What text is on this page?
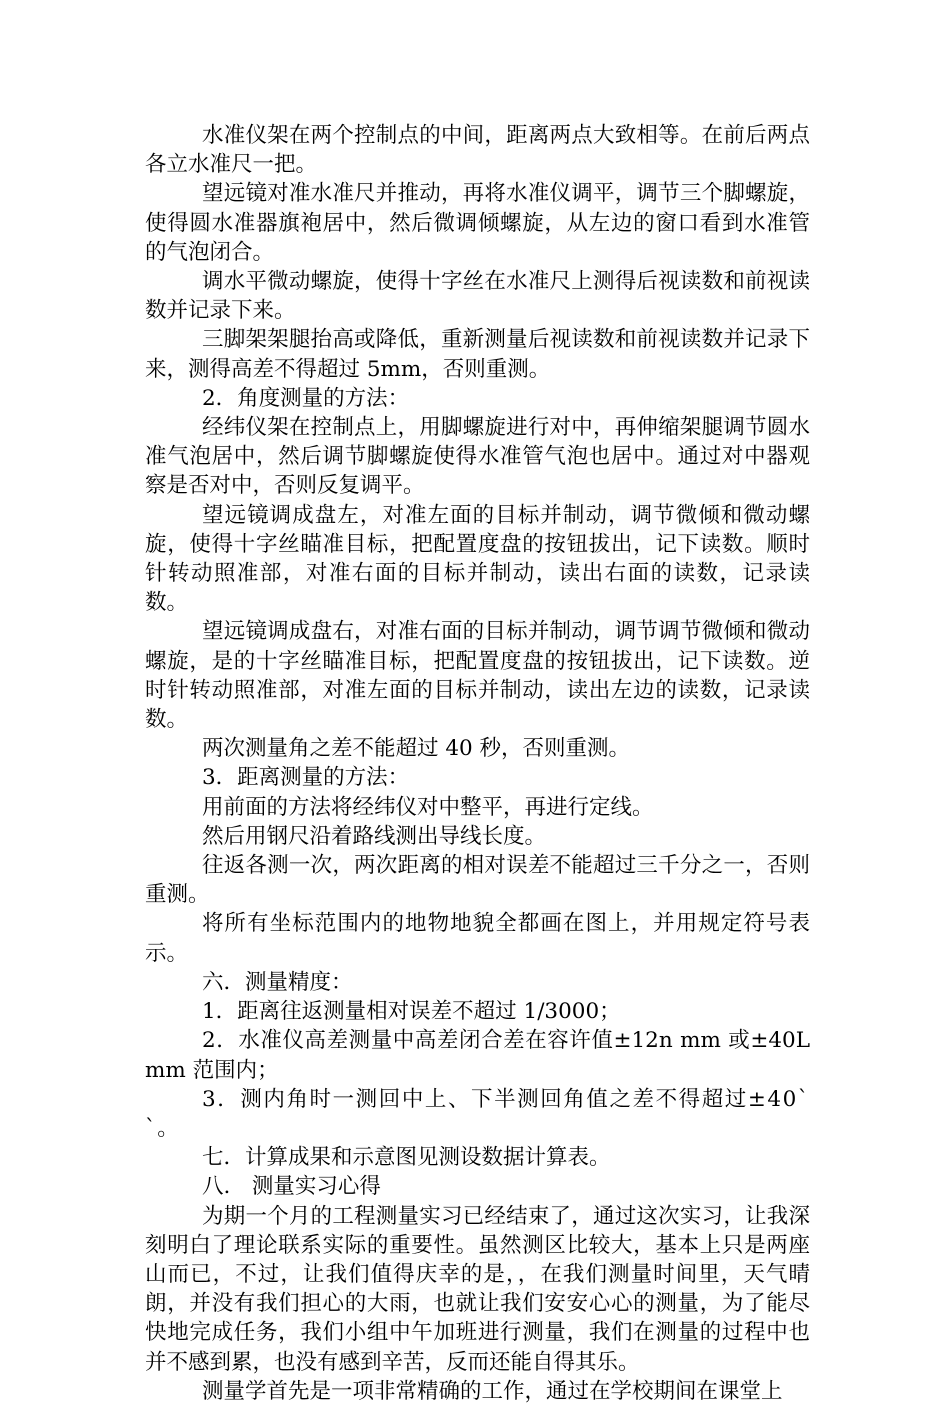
水准仪架在两个控制点的中间，距离两点大致相等。在前后两点各立水准尺一把。

望远镜对准水准尺并推动，再将水准仪调平，调节三个脚螺旋，使得圆水准器旗袍居中，然后微调倾螺旋，从左边的窗口看到水准管的气泡闭合。

调水平微动螺旋，使得十字丝在水准尺上测得后视读数和前视读数并记录下来。

三脚架架腿抬高或降低，重新测量后视读数和前视读数并记录下来，测得高差不得超过 5mm，否则重测。

2．角度测量的方法：

经纬仪架在控制点上，用脚螺旋进行对中，再伸缩架腿调节圆水准气泡居中，然后调节脚螺旋使得水准管气泡也居中。通过对中器观察是否对中，否则反复调平。

望远镜调成盘左，对准左面的目标并制动，调节微倾和微动螺旋，使得十字丝瞄准目标，把配置度盘的按钮拔出，记下读数。顺时针转动照准部，对准右面的目标并制动，读出右面的读数，记录读数。

望远镜调成盘右，对准右面的目标并制动，调节调节微倾和微动螺旋，是的十字丝瞄准目标，把配置度盘的按钮拔出，记下读数。逆时针转动照准部，对准左面的目标并制动，读出左边的读数，记录读数。

两次测量角之差不能超过 40 秒，否则重测。

3．距离测量的方法：

用前面的方法将经纬仪对中整平，再进行定线。

然后用钢尺沿着路线测出导线长度。

往返各测一次，两次距离的相对误差不能超过三千分之一，否则重测。

将所有坐标范围内的地物地貌全都画在图上，并用规定符号表示。

六．测量精度：

1．距离往返测量相对误差不超过 1/3000；

2．水准仪高差测量中高差闭合差在容许值±12n mm 或±40L mm 范围内；

3．测内角时一测回中上、下半测回角值之差不得超过±40``。

七．计算成果和示意图见测设数据计算表。

八.　测量实习心得

为期一个月的工程测量实习已经结束了，通过这次实习，让我深刻明白了理论联系实际的重要性。虽然测区比较大，基本上只是两座山而已，不过，让我们值得庆幸的是，，在我们测量时间里，天气晴朗，并没有我们担心的大雨，也就让我们安安心心的测量，为了能尽快地完成任务，我们小组中午加班进行测量，我们在测量的过程中也并不感到累，也没有感到辛苦，反而还能自得其乐。

测量学首先是一项非常精确的工作，通过在学校期间在课堂上
